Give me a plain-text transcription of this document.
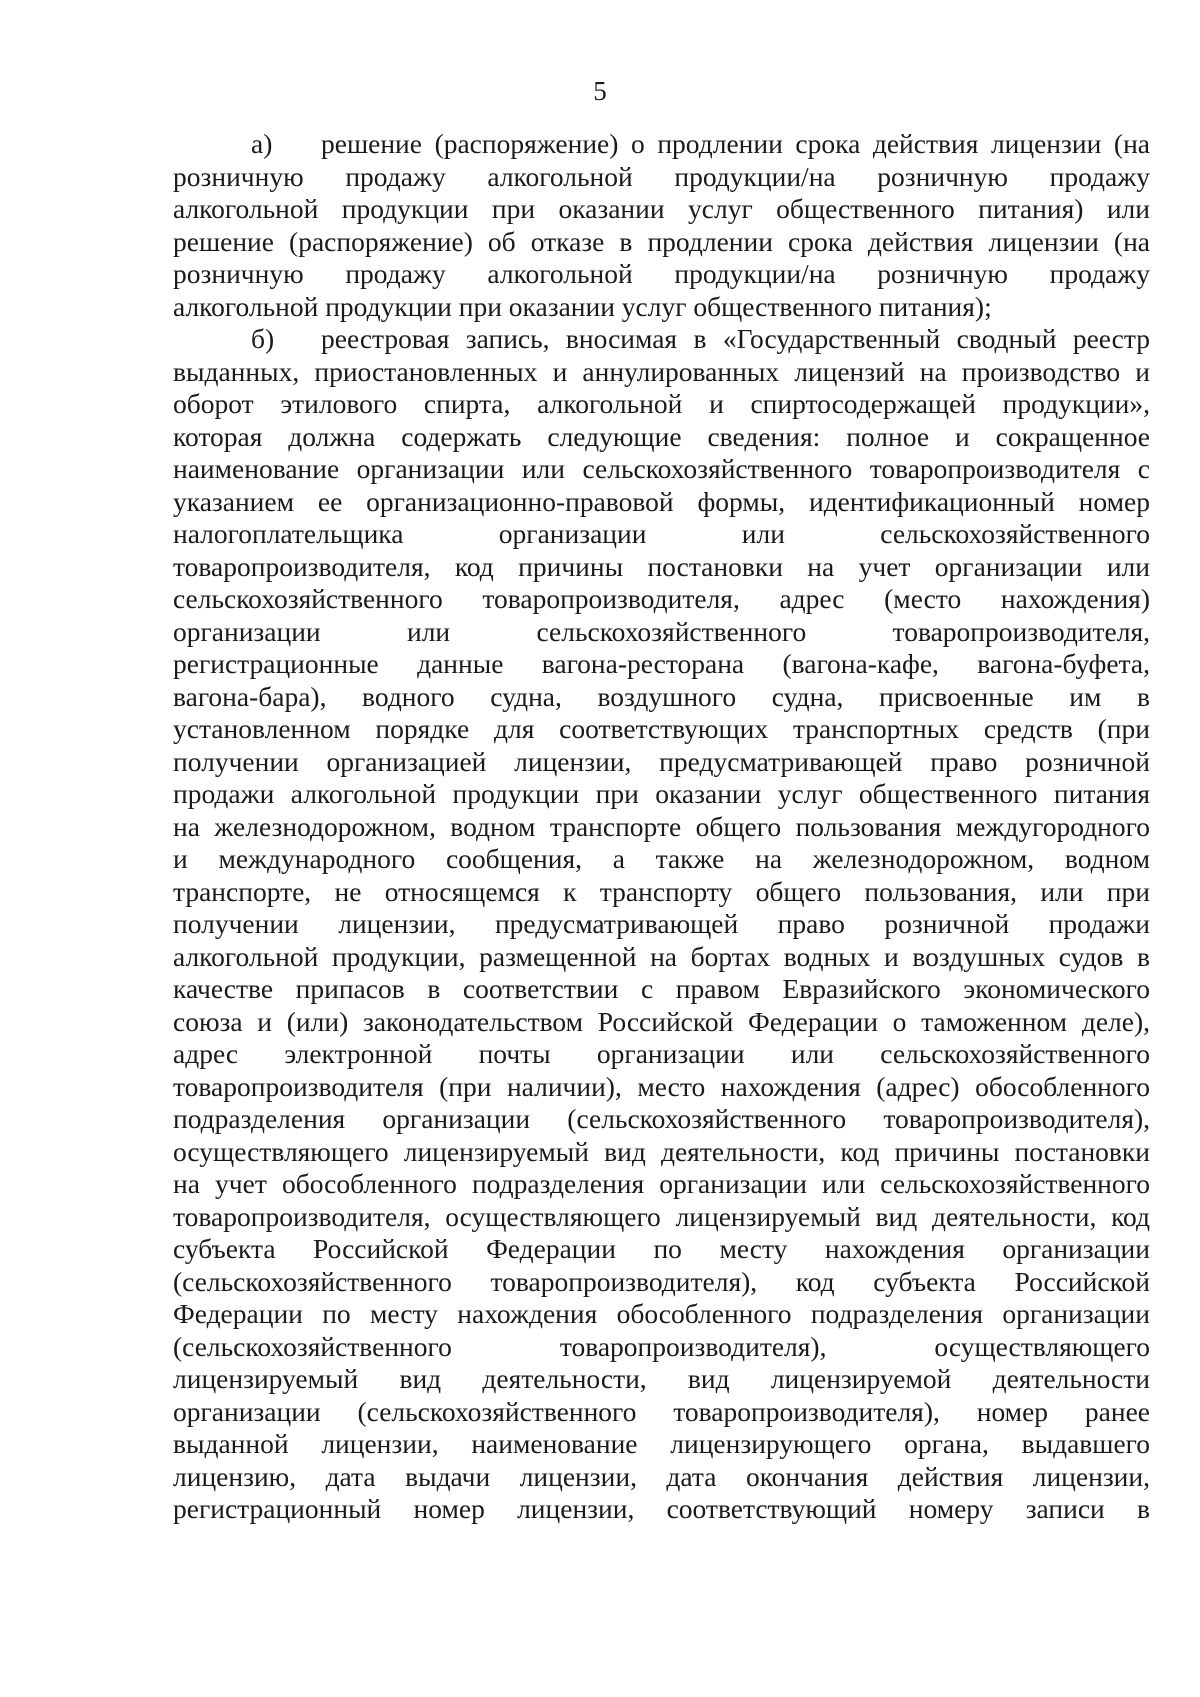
5
а) решение (распоряжение) о продлении срока действия лицензии (на
розничную продажу алкогольной продукции/на розничную продажу
алкогольной продукции при оказании услуг общественного питания) или
решение (распоряжение) об отказе в продлении срока действия лицензии (на
розничную продажу алкогольной продукции/на розничную продажу
алкогольной продукции при оказании услуг общественного питания);
б) реестровая запись, вносимая в «Государственный сводный реестр
выданных, приостановленных и аннулированных лицензий на производство и
оборот этилового спирта, алкогольной и спиртосодержащей продукции»,
которая должна содержать следующие сведения: полное и сокращенное
наименование организации или сельскохозяйственного товаропроизводителя с
указанием ее организационно-правовой формы, идентификационный номер
налогоплательщика организации или сельскохозяйственного
товаропроизводителя, код причины постановки на учет организации или
сельскохозяйственного товаропроизводителя, адрес (место нахождения)
организации или сельскохозяйственного товаропроизводителя,
регистрационные данные вагона-ресторана (вагона-кафе, вагона-буфета,
вагона-бара), водного судна, воздушного судна, присвоенные им в
установленном порядке для соответствующих транспортных средств (при
получении организацией лицензии, предусматривающей право розничной
продажи алкогольной продукции при оказании услуг общественного питания
на железнодорожном, водном транспорте общего пользования междугородного
и международного сообщения, а также на железнодорожном, водном
транспорте, не относящемся к транспорту общего пользования, или при
получении лицензии, предусматривающей право розничной продажи
алкогольной продукции, размещенной на бортах водных и воздушных судов в
качестве припасов в соответствии с правом Евразийского экономического
союза и (или) законодательством Российской Федерации о таможенном деле),
адрес электронной почты организации или сельскохозяйственного
товаропроизводителя (при наличии), место нахождения (адрес) обособленного
подразделения организации (сельскохозяйственного товаропроизводителя),
осуществляющего лицензируемый вид деятельности, код причины постановки
на учет обособленного подразделения организации или сельскохозяйственного
товаропроизводителя, осуществляющего лицензируемый вид деятельности, код
субъекта Российской Федерации по месту нахождения организации
(сельскохозяйственного товаропроизводителя), код субъекта Российской
Федерации по месту нахождения обособленного подразделения организации
(сельскохозяйственного товаропроизводителя), осуществляющего
лицензируемый вид деятельности, вид лицензируемой деятельности
организации (сельскохозяйственного товаропроизводителя), номер ранее
выданной лицензии, наименование лицензирующего органа, выдавшего
лицензию, дата выдачи лицензии, дата окончания действия лицензии,
регистрационный номер лицензии, соответствующий номеру записи в
